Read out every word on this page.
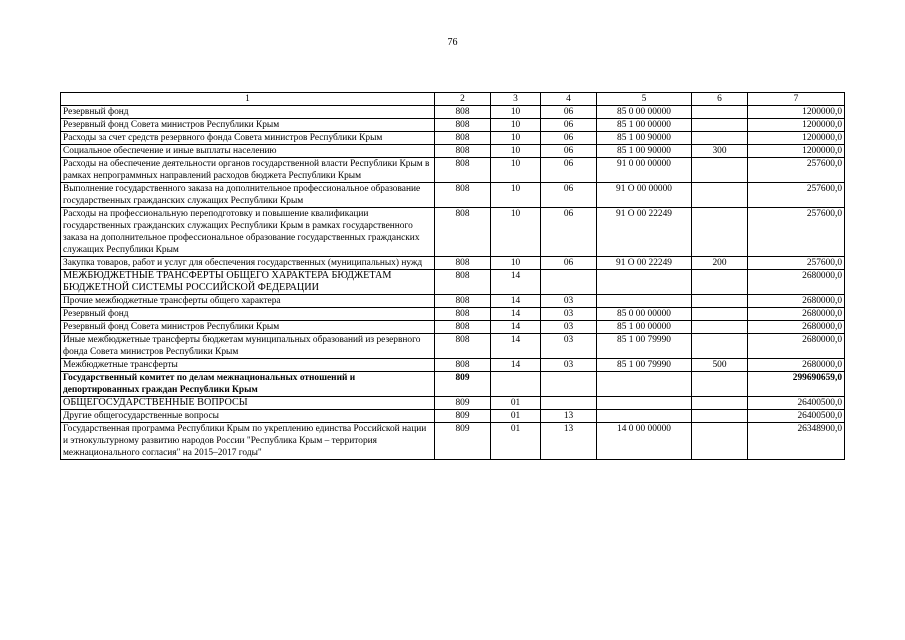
76
1	2	3	4	5	6	7
Резервный фонд	808	10	06	85 0 00 00000		1200000,0
Резервный фонд Совета министров Республики Крым	808	10	06	85 1 00 00000		1200000,0
Расходы за счет средств резервного фонда Совета министров Республики Крым	808	10	06	85 1 00 90000		1200000,0
Социальное обеспечение и иные выплаты населению	808	10	06	85 1 00 90000	300	1200000,0
Расходы на обеспечение деятельности органов государственной власти Республики Крым в рамках непрограммных направлений расходов бюджета Республики Крым	808	10	06	91 0 00 00000		257600,0
Выполнение государственного заказа на дополнительное профессиональное образование государственных гражданских служащих Республики Крым	808	10	06	91 О 00 00000		257600,0
Расходы на профессиональную переподготовку и повышение квалификации государственных гражданских служащих Республики Крым в рамках государственного заказа на дополнительное профессиональное образование государственных гражданских служащих Республики Крым	808	10	06	91 О 00 22249		257600,0
Закупка товаров, работ и услуг для обеспечения государственных (муниципальных) нужд	808	10	06	91 О 00 22249	200	257600,0
МЕЖБЮДЖЕТНЫЕ ТРАНСФЕРТЫ ОБЩЕГО ХАРАКТЕРА БЮДЖЕТАМ БЮДЖЕТНОЙ СИСТЕМЫ РОССИЙСКОЙ ФЕДЕРАЦИИ	808	14				2680000,0
Прочие межбюджетные трансферты общего характера	808	14	03			2680000,0
Резервный фонд	808	14	03	85 0 00 00000		2680000,0
Резервный фонд Совета министров Республики Крым	808	14	03	85 1 00 00000		2680000,0
Иные межбюджетные трансферты бюджетам муниципальных образований из резервного фонда Совета министров Республики Крым	808	14	03	85 1 00 79990		2680000,0
Межбюджетные трансферты	808	14	03	85 1 00 79990	500	2680000,0
Государственный комитет по делам межнациональных отношений и депортированных граждан Республики Крым	809					299690659,0
ОБЩЕГОСУДАРСТВЕННЫЕ ВОПРОСЫ	809	01				26400500,0
Другие общегосударственные вопросы	809	01	13			26400500,0
Государственная программа Республики Крым по укреплению единства Российской нации и этнокультурному развитию народов России "Республика Крым – территория межнационального согласия" на 2015–2017 годы"	809	01	13	14 0 00 00000		26348900,0
